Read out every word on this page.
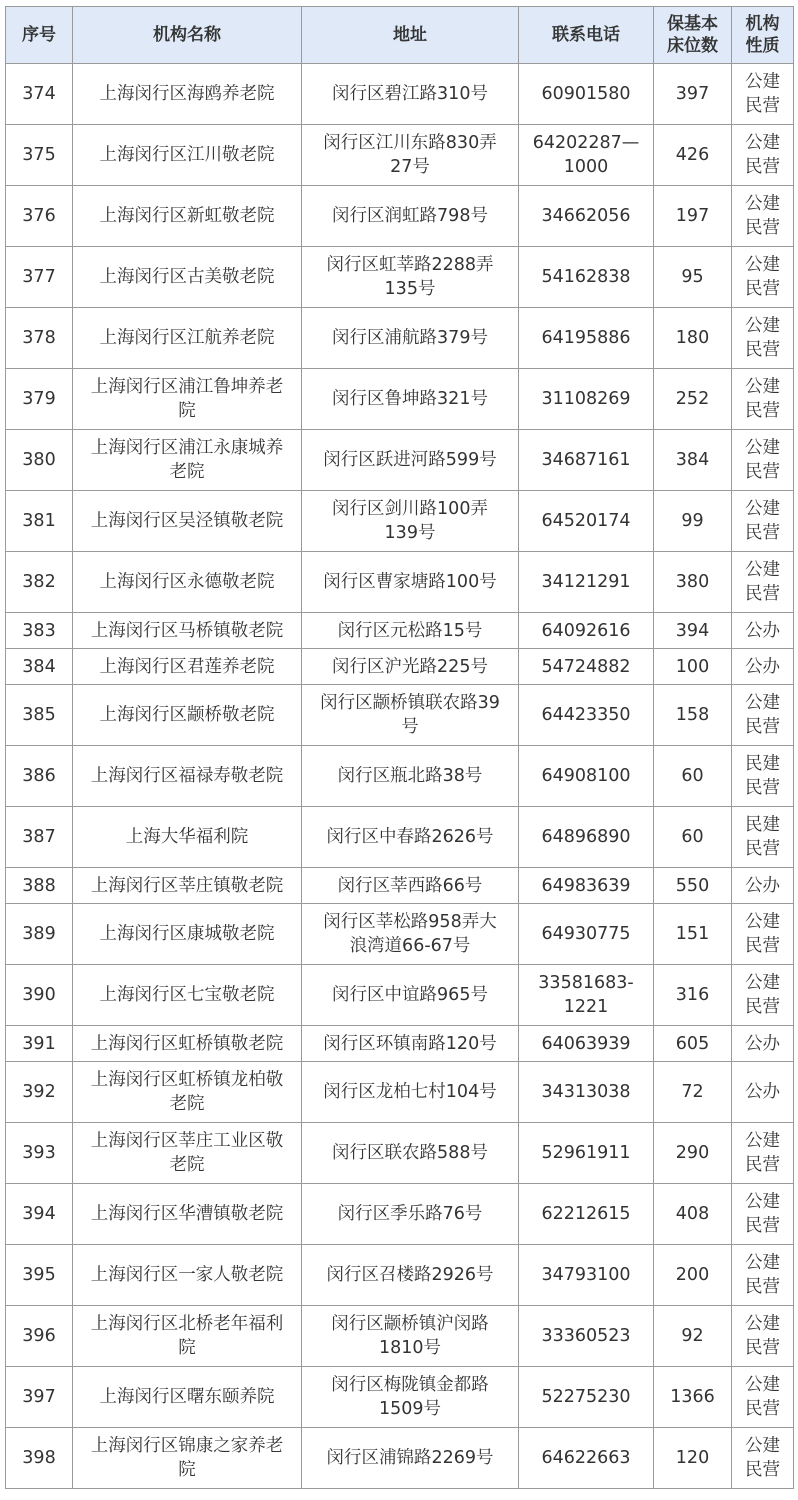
序号	机构名称	地址	联系电话	保基本床位数	机构性质
374	上海闵行区海鸥养老院	闵行区碧江路310号	60901580	397	公建民营
375	上海闵行区江川敬老院	闵行区江川东路830弄27号	64202287—1000	426	公建民营
376	上海闵行区新虹敬老院	闵行区润虹路798号	34662056	197	公建民营
377	上海闵行区古美敬老院	闵行区虹莘路2288弄135号	54162838	95	公建民营
378	上海闵行区江航养老院	闵行区浦航路379号	64195886	180	公建民营
379	上海闵行区浦江鲁坤养老院	闵行区鲁坤路321号	31108269	252	公建民营
380	上海闵行区浦江永康城养老院	闵行区跃进河路599号	34687161	384	公建民营
381	上海闵行区吴泾镇敬老院	闵行区剑川路100弄139号	64520174	99	公建民营
382	上海闵行区永德敬老院	闵行区曹家塘路100号	34121291	380	公建民营
383	上海闵行区马桥镇敬老院	闵行区元松路15号	64092616	394	公办
384	上海闵行区君莲养老院	闵行区沪光路225号	54724882	100	公办
385	上海闵行区颛桥敬老院	闵行区颛桥镇联农路39号	64423350	158	公建民营
386	上海闵行区福禄寿敬老院	闵行区瓶北路38号	64908100	60	民建民营
387	上海大华福利院	闵行区中春路2626号	64896890	60	民建民营
388	上海闵行区莘庄镇敬老院	闵行区莘西路66号	64983639	550	公办
389	上海闵行区康城敬老院	闵行区莘松路958弄大浪湾道66-67号	64930775	151	公建民营
390	上海闵行区七宝敬老院	闵行区中谊路965号	33581683-1221	316	公建民营
391	上海闵行区虹桥镇敬老院	闵行区环镇南路120号	64063939	605	公办
392	上海闵行区虹桥镇龙柏敬老院	闵行区龙柏七村104号	34313038	72	公办
393	上海闵行区莘庄工业区敬老院	闵行区联农路588号	52961911	290	公建民营
394	上海闵行区华漕镇敬老院	闵行区季乐路76号	62212615	408	公建民营
395	上海闵行区一家人敬老院	闵行区召楼路2926号	34793100	200	公建民营
396	上海闵行区北桥老年福利院	闵行区颛桥镇沪闵路1810号	33360523	92	公建民营
397	上海闵行区曙东颐养院	闵行区梅陇镇金都路1509号	52275230	1366	公建民营
398	上海闵行区锦康之家养老院	闵行区浦锦路2269号	64622663	120	公建民营
